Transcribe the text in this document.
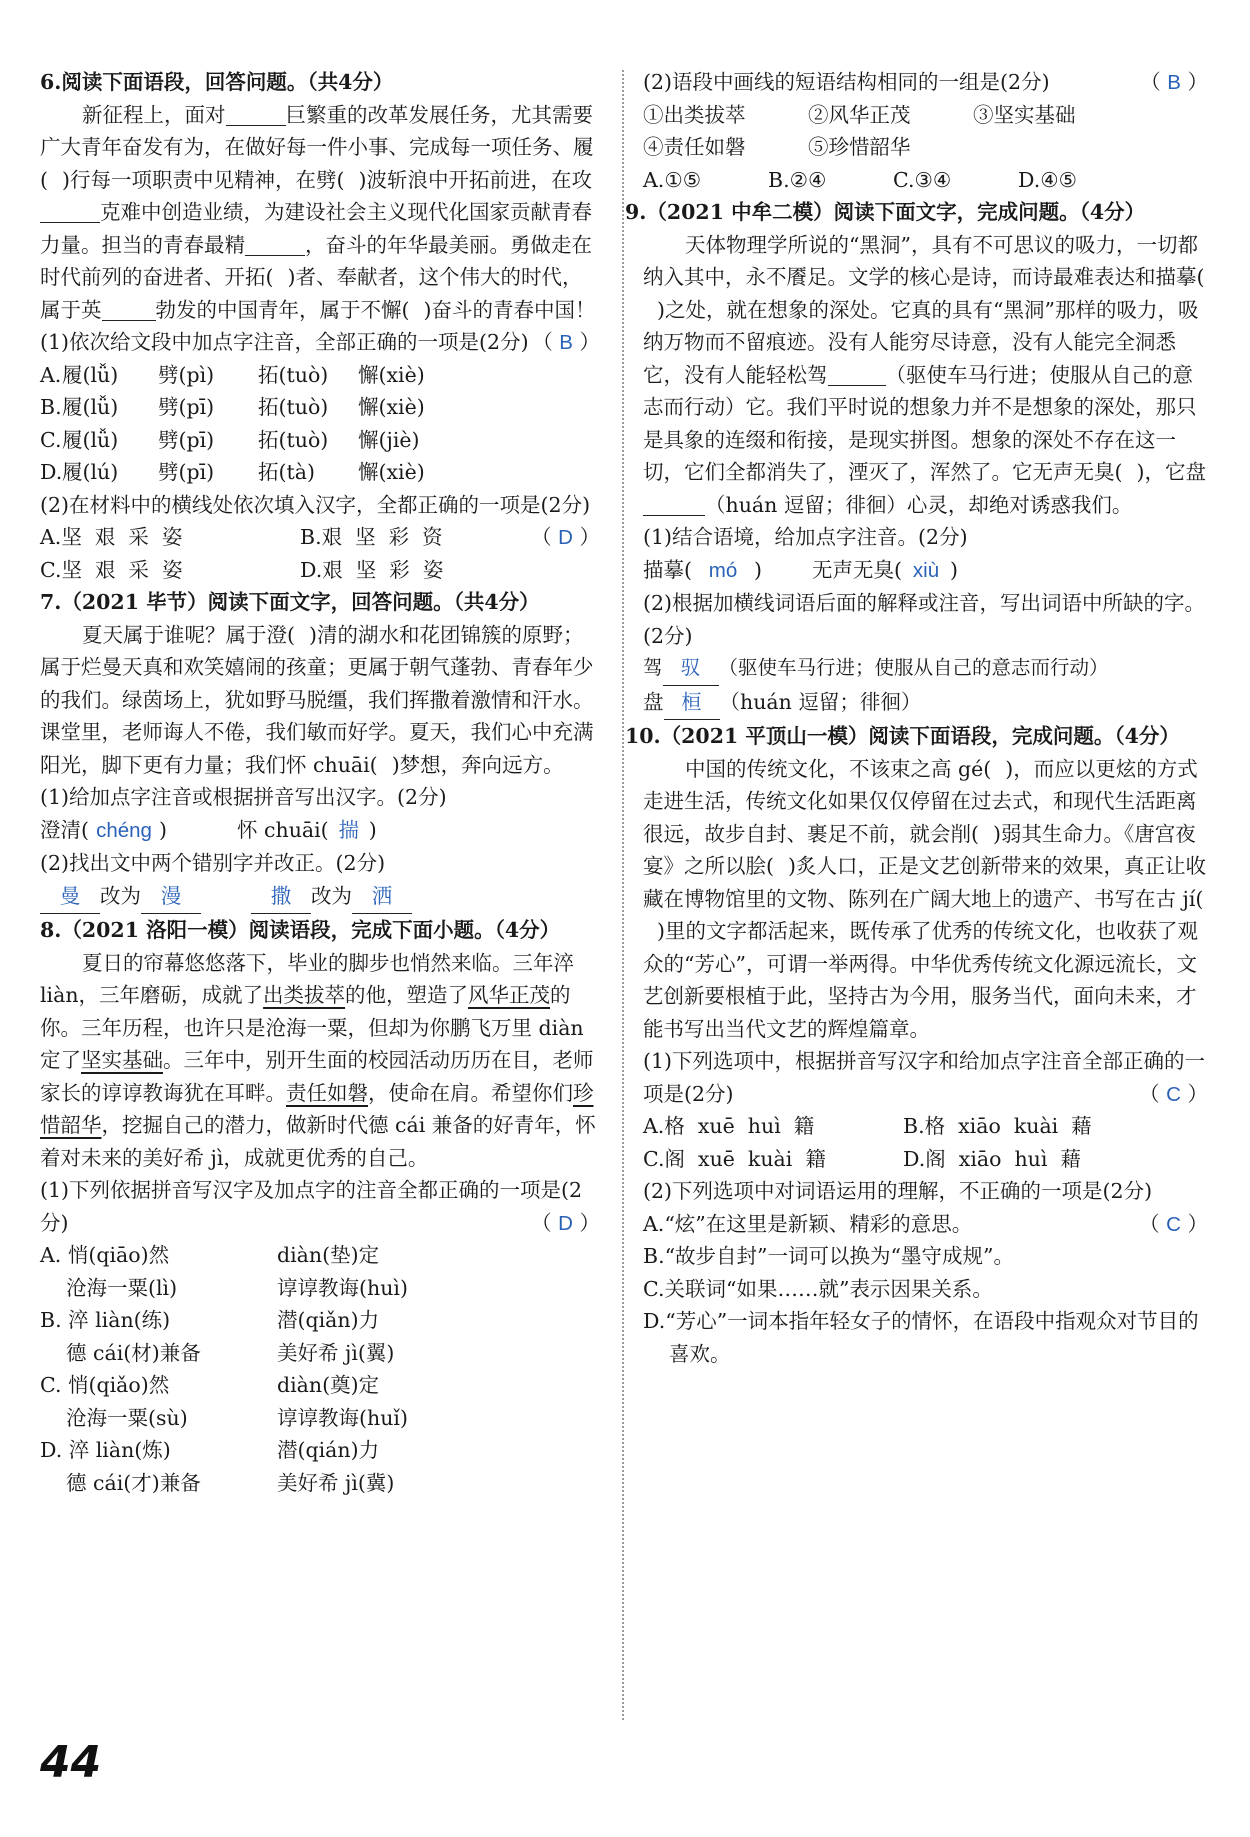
6.阅读下面语段，回答问题。（共4分）

新征程上，面对	巨繁重的改革发展任务，尤其需要广大青年奋发有为，在做好每一件小事、完成每一项任务、履( )行每一项职责中见精神，在劈( )波斩浪中开拓前进，在攻克难中创造业绩，为建设社会主义现代化国家贡献青春力量。担当的青春最精	，奋斗的年华最美丽。勇做走在时代前列的奋进者、开拓( )者、奉献者，这个伟大的时代，属于英	勃发的中国青年，属于不懈( )奋斗的青春中国！

(1)依次给文段中加点字注音，全部正确的一项是(2分) （ B ）

A. 履(lǚ)	劈(pì)	拓(tuò)	懈(xiè)
B. 履(lǚ)	劈(pī)	拓(tuò)	懈(xiè)
C. 履(lǚ)	劈(pī)	拓(tuò)	懈(jiè)
D. 履(lú)	劈(pī)	拓(tà)	懈(xiè)

(2)在材料中的横线处依次填入汉字，全都正确的一项是(2分)
（ D ）

A.坚  艰  采  姿	B.艰  坚  彩  资
C.坚  艰  采  姿	D.艰  坚  彩  姿

7.（2021 毕节）阅读下面文字，回答问题。（共4分）

夏天属于谁呢？属于澄( )清的湖水和花团锦簇的原野；属于烂曼天真和欢笑嬉闹的孩童；更属于朝气蓬勃、青春年少的我们。绿茵场上，犹如野马脱缰，我们挥撒着激情和汗水。课堂里，老师诲人不倦，我们敏而好学。夏天，我们心中充满阳光，脚下更有力量；我们怀 chuāi( )梦想，奔向远方。

(1)给加点字注音或根据拼音写出汉字。(2分)

澄清( chéng )	怀 chuāi( 揣 )

(2)找出文中两个错别字并改正。(2分)

曼 改为 漫	撒 改为 洒

8.（2021 洛阳一模）阅读语段，完成下面小题。（4分）

夏日的帘幕悠悠落下，毕业的脚步也悄然来临。三年淬 liàn，三年磨砺，成就了出类拔萃的他，塑造了风华正茂的你。三年历程，也许只是沧海一粟，但却为你鹏飞万里 diàn 定了坚实基础。三年中，别开生面的校园活动历历在目，老师家长的谆谆教诲犹在耳畔。责任如磐，使命在肩。希望你们珍惜韶华，挖掘自己的潜力，做新时代德 cái 兼备的好青年，怀着对未来的美好希 jì，成就更优秀的自己。

(1)下列依据拼音写汉字及加点字的注音全都正确的一项是(2分)	（ D ）

A. 悄(qiāo)然	diàn(垫)定
沧海一粟(lì)	谆谆教诲(huì)
B. 淬 liàn(练)	潜(qiǎn)力
德 cái(材)兼备	美好希 jì(翼)
C. 悄(qiǎo)然	diàn(奠)定
沧海一粟(sù)	谆谆教诲(huǐ)
D. 淬 liàn(炼)	潜(qián)力
德 cái(才)兼备	美好希 jì(冀)

(2)语段中画线的短语结构相同的一组是(2分)	（ B ）

①出类拔萃	②风华正茂	③坚实基础
④责任如磐	⑤珍惜韶华
A.①⑤	B.②④	C.③④	D.④⑤

9.（2021 中牟二模）阅读下面文字，完成问题。（4分）

天体物理学所说的“黑洞”，具有不可思议的吸力，一切都纳入其中，永不餍足。文学的核心是诗，而诗最难表达和描摹()之处，就在想象的深处。它真的具有“黑洞”那样的吸力，吸纳万物而不留痕迹。没有人能穷尽诗意，没有人能完全洞悉它，没有人能轻松驾	（驱使车马行进；使服从自己的意志而行动）它。我们平时说的想象力并不是想象的深处，那只是具象的连缀和衔接，是现实拼图。想象的深处不存在这一切，它们全都消失了，湮灭了，浑然了。它无声无臭( )，它盘（huán 逗留；徘徊）心灵，却绝对诱惑我们。

(1)结合语境，给加点字注音。(2分)

描摹( mó ) 无声无臭( xiù )

(2)根据加横线词语后面的解释或注音，写出词语中所缺的字。(2分)

驾 驭 （驱使车马行进；使服从自己的意志而行动）

盘 桓 （huán 逗留；徘徊）

10.（2021 平顶山一模）阅读下面语段，完成问题。（4分）

中国的传统文化，不该束之高 gé( )，而应以更炫的方式走进生活，传统文化如果仅仅停留在过去式，和现代生活距离很远，故步自封、裹足不前，就会削( )弱其生命力。《唐宫夜宴》之所以脍( )炙人口，正是文艺创新带来的效果，真正让收藏在博物馆里的文物、陈列在广阔大地上的遗产、书写在古 jí()里的文字都活起来，既传承了优秀的传统文化，也收获了观众的“芳心”，可谓一举两得。中华优秀传统文化源远流长，文艺创新要根植于此，坚持古为今用，服务当代，面向未来，才能书写出当代文艺的辉煌篇章。

(1)下列选项中，根据拼音写汉字和给加点字注音全部正确的一项是(2分)	（ C ）

A.格  xuē  huì  籍	B.格  xiāo  kuài  藉
C.阁  xuē  kuài  籍	D.阁  xiāo  huì  藉

(2)下列选项中对词语运用的理解，不正确的一项是(2分)
（ C ）

A.“炫”在这里是新颖、精彩的意思。

B.“故步自封”一词可以换为“墨守成规”。

C.关联词“如果……就”表示因果关系。

D.“芳心”一词本指年轻女子的情怀，在语段中指观众对节目的喜欢。

44
